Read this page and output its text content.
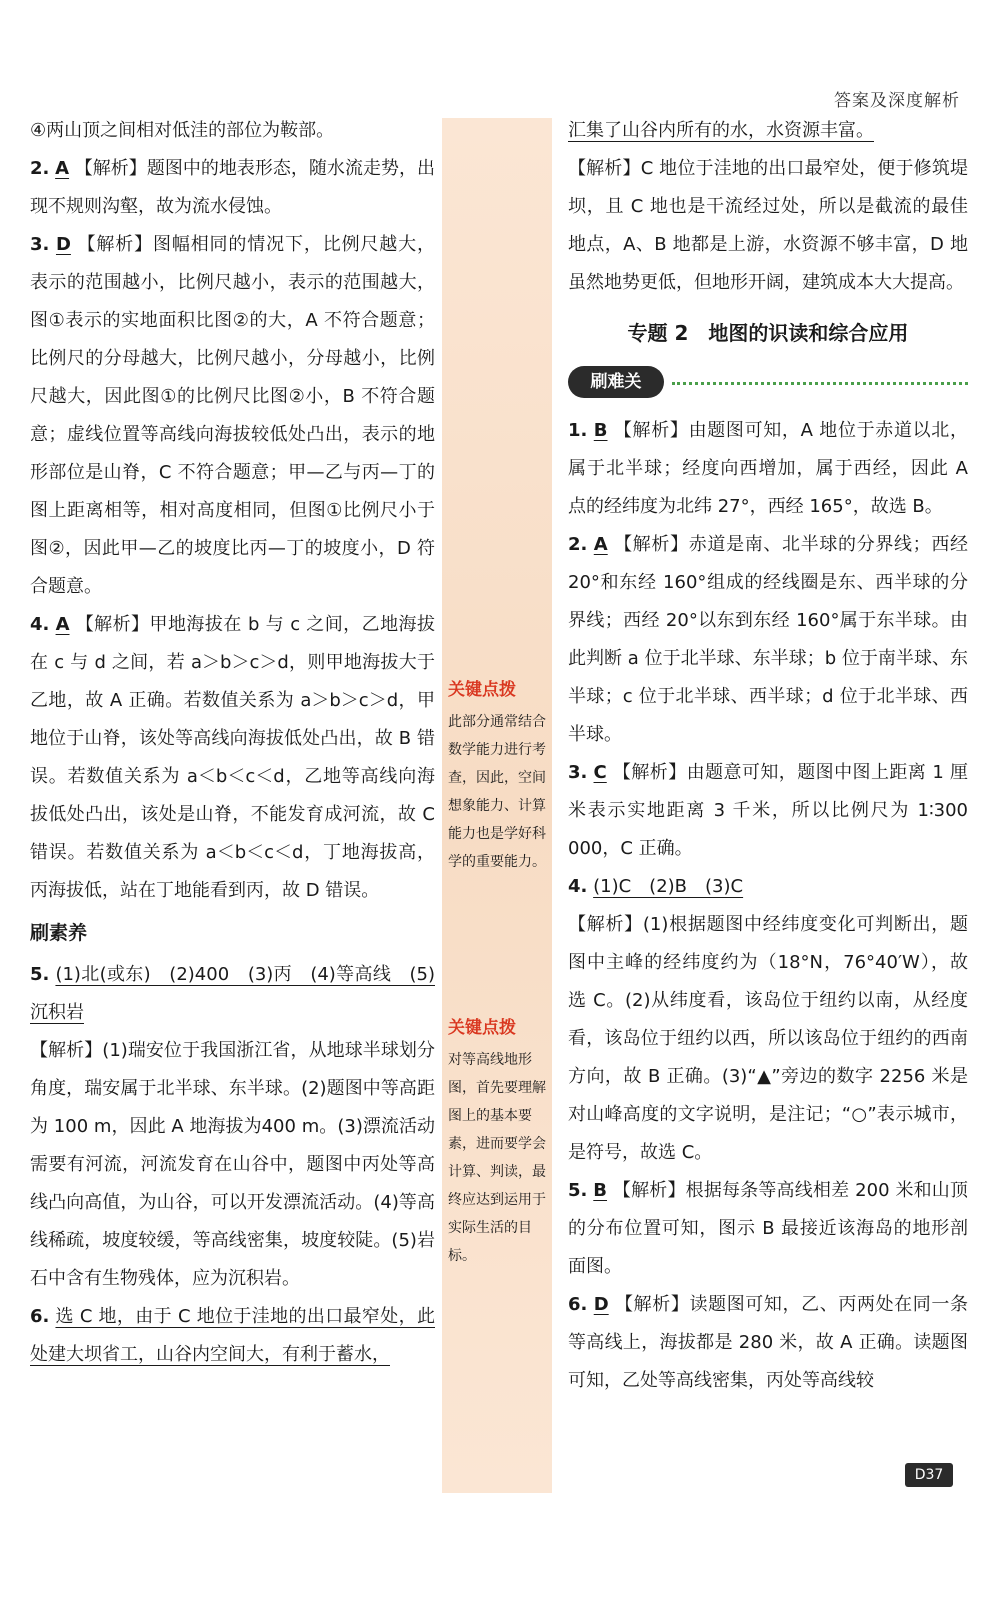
答案及深度解析

④两山顶之间相对低洼的部位为鞍部。

2. A 【解析】题图中的地表形态，随水流走势，出现不规则沟壑，故为流水侵蚀。

3. D 【解析】图幅相同的情况下，比例尺越大，表示的范围越小，比例尺越小，表示的范围越大，图①表示的实地面积比图②的大，A 不符合题意；比例尺的分母越大，比例尺越小，分母越小，比例尺越大，因此图①的比例尺比图②小，B 不符合题意；虚线位置等高线向海拔较低处凸出，表示的地形部位是山脊，C 不符合题意；甲—乙与丙—丁的图上距离相等，相对高度相同，但图①比例尺小于图②，因此甲—乙的坡度比丙—丁的坡度小，D 符合题意。

4. A 【解析】甲地海拔在 b 与 c 之间，乙地海拔在 c 与 d 之间，若 a＞b＞c＞d，则甲地海拔大于乙地，故 A 正确。若数值关系为 a＞b＞c＞d，甲地位于山脊，该处等高线向海拔低处凸出，故 B 错误。若数值关系为 a＜b＜c＜d，乙地等高线向海拔低处凸出，该处是山脊，不能发育成河流，故 C 错误。若数值关系为 a＜b＜c＜d，丁地海拔高，丙海拔低，站在丁地能看到丙，故 D 错误。

刷素养

5. (1)北(或东)　(2)400　(3)丙　(4)等高线　(5)沉积岩

【解析】(1)瑞安位于我国浙江省，从地球半球划分角度，瑞安属于北半球、东半球。(2)题图中等高距为 100 m，因此 A 地海拔为400 m。(3)漂流活动需要有河流，河流发育在山谷中，题图中丙处等高线凸向高值，为山谷，可以开发漂流活动。(4)等高线稀疏，坡度较缓，等高线密集，坡度较陡。(5)岩石中含有生物残体，应为沉积岩。

6. 选 C 地，由于 C 地位于洼地的出口最窄处，此处建大坝省工，山谷内空间大，有利于蓄水，

关键点拨
此部分通常结合数学能力进行考查，因此，空间想象能力、计算能力也是学好科学的重要能力。
关键点拨
对等高线地形图，首先要理解图上的基本要素，进而要学会计算、判读，最终应达到运用于实际生活的目标。

汇集了山谷内所有的水，水资源丰富。

【解析】C 地位于洼地的出口最窄处，便于修筑堤坝，且 C 地也是干流经过处，所以是截流的最佳地点，A、B 地都是上游，水资源不够丰富，D 地虽然地势更低，但地形开阔，建筑成本大大提高。

专题 2　地图的识读和综合应用
刷难关

1. B 【解析】由题图可知，A 地位于赤道以北，属于北半球；经度向西增加，属于西经，因此 A 点的经纬度为北纬 27°，西经 165°，故选 B。

2. A 【解析】赤道是南、北半球的分界线；西经 20°和东经 160°组成的经线圈是东、西半球的分界线；西经 20°以东到东经 160°属于东半球。由此判断 a 位于北半球、东半球；b 位于南半球、东半球；c 位于北半球、西半球；d 位于北半球、西半球。

3. C 【解析】由题意可知，题图中图上距离 1 厘米表示实地距离 3 千米，所以比例尺为 1∶300 000，C 正确。

4. (1)C　(2)B　(3)C

【解析】(1)根据题图中经纬度变化可判断出，题图中主峰的经纬度约为（18°N，76°40′W），故选 C。(2)从纬度看，该岛位于纽约以南，从经度看，该岛位于纽约以西，所以该岛位于纽约的西南方向，故 B 正确。(3)“▲”旁边的数字 2256 米是对山峰高度的文字说明，是注记；“○”表示城市，是符号，故选 C。

5. B 【解析】根据每条等高线相差 200 米和山顶的分布位置可知，图示 B 最接近该海岛的地形剖面图。

6. D 【解析】读题图可知，乙、丙两处在同一条等高线上，海拔都是 280 米，故 A 正确。读题图可知，乙处等高线密集，丙处等高线较

D37
